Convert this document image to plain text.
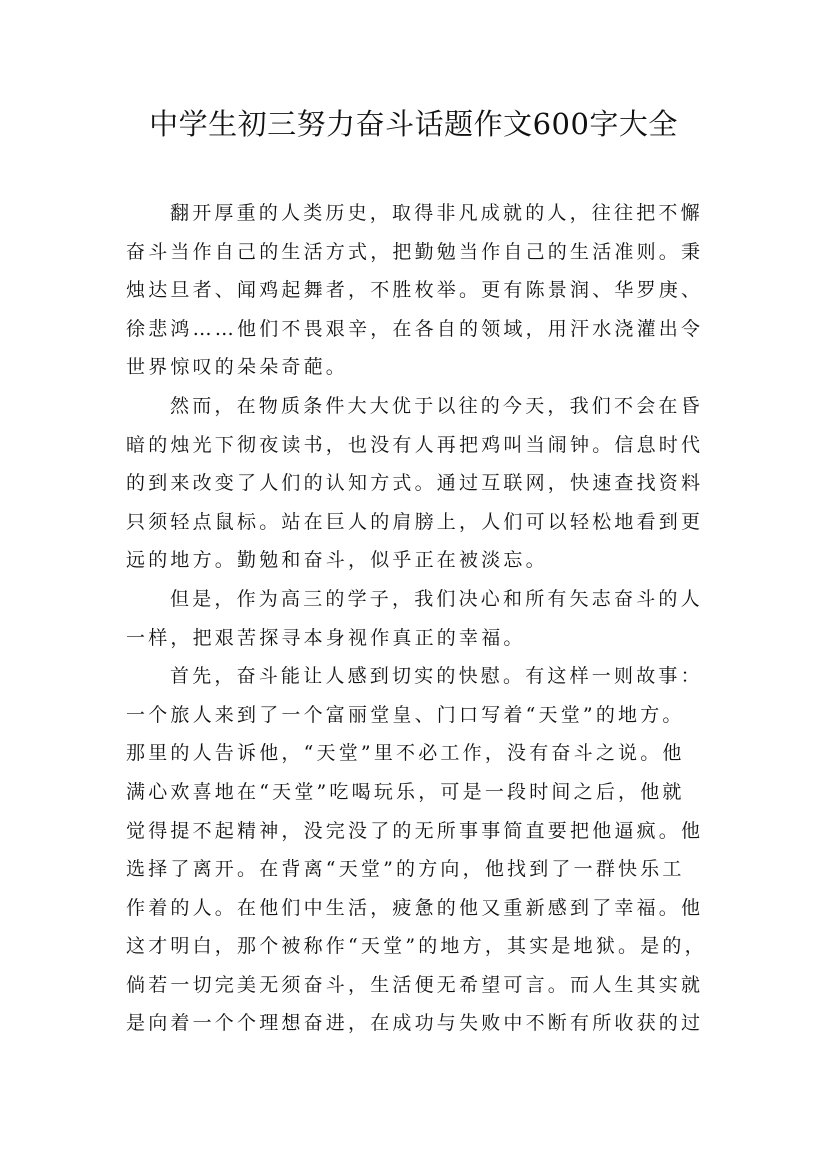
中学生初三努力奋斗话题作文600字大全
翻开厚重的人类历史，取得非凡成就的人，往往把不懈
奋斗当作自己的生活方式，把勤勉当作自己的生活准则。秉
烛达旦者、闻鸡起舞者，不胜枚举。更有陈景润、华罗庚、
徐悲鸿……他们不畏艰辛，在各自的领域，用汗水浇灌出令
世界惊叹的朵朵奇葩。
然而，在物质条件大大优于以往的今天，我们不会在昏
暗的烛光下彻夜读书，也没有人再把鸡叫当闹钟。信息时代
的到来改变了人们的认知方式。通过互联网，快速查找资料
只须轻点鼠标。站在巨人的肩膀上，人们可以轻松地看到更
远的地方。勤勉和奋斗，似乎正在被淡忘。
但是，作为高三的学子，我们决心和所有矢志奋斗的人
一样，把艰苦探寻本身视作真正的幸福。
首先，奋斗能让人感到切实的快慰。有这样一则故事：
一个旅人来到了一个富丽堂皇、门口写着“天堂”的地方。
那里的人告诉他，“天堂”里不必工作，没有奋斗之说。他
满心欢喜地在“天堂”吃喝玩乐，可是一段时间之后，他就
觉得提不起精神，没完没了的无所事事简直要把他逼疯。他
选择了离开。在背离“天堂”的方向，他找到了一群快乐工
作着的人。在他们中生活，疲惫的他又重新感到了幸福。他
这才明白，那个被称作“天堂”的地方，其实是地狱。是的，
倘若一切完美无须奋斗，生活便无希望可言。而人生其实就
是向着一个个理想奋进，在成功与失败中不断有所收获的过
